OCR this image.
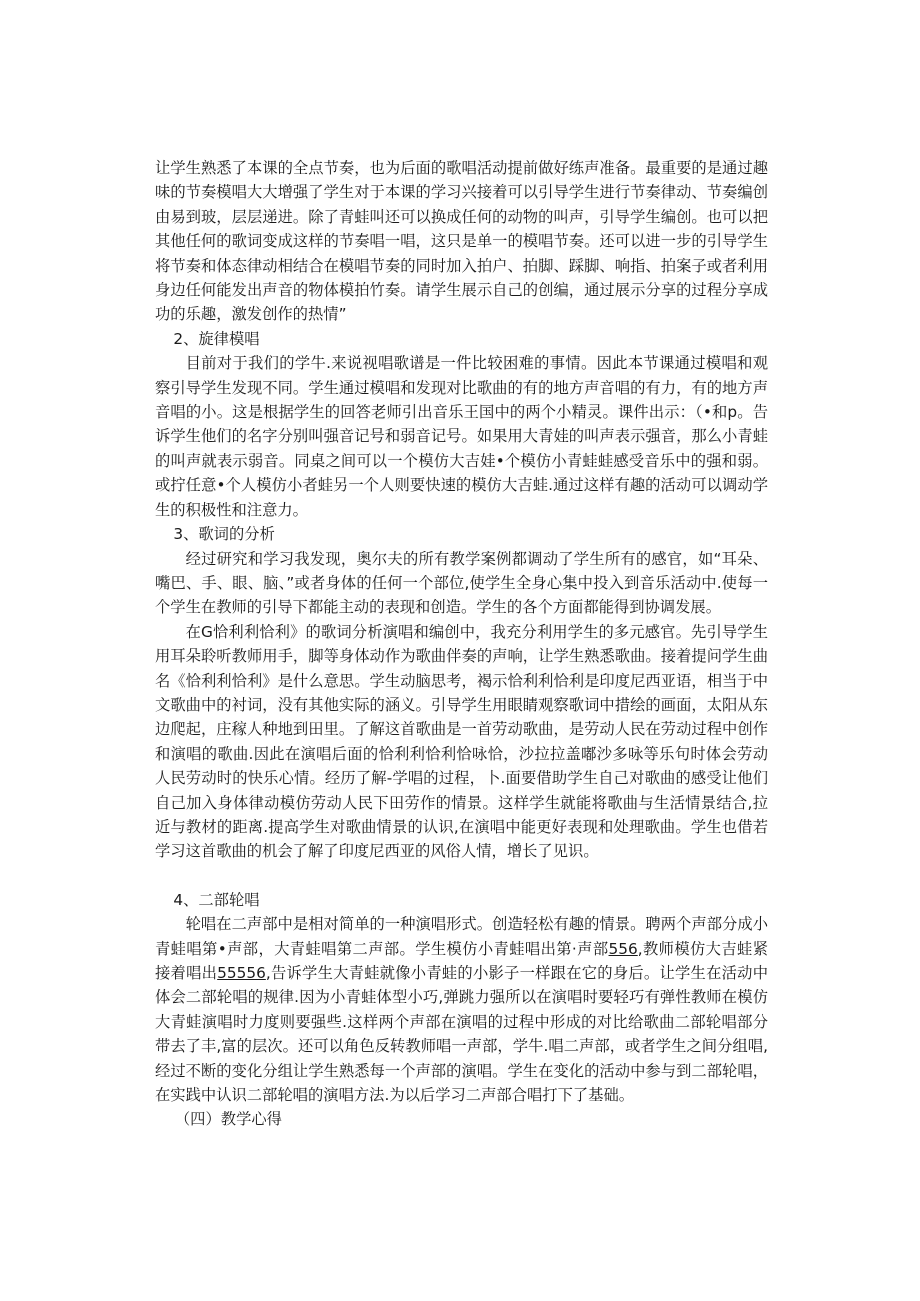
让学生熟悉了本课的全点节奏，也为后面的歌唱活动提前做好练声准备。最重要的是通过趣味的节奏模唱大大增强了学生对于本课的学习兴接着可以引导学生进行节奏律动、节奏编创由易到玻，层层递进。除了青蛙叫还可以换成任何的动物的叫声，引导学生编创。也可以把其他任何的歌词变成这样的节奏唱一唱，这只是单一的模唱节奏。还可以进一步的引导学生将节奏和体态律动相结合在模唱节奏的同时加入拍户、拍脚、踩脚、响指、拍案子或者利用身边任何能发出声音的物体模拍竹奏。请学生展示自己的创编，通过展示分享的过程分享成功的乐趣，激发创作的热情”

2、旋律模唱

目前对于我们的学牛.来说视唱歌谱是一件比较困难的事情。因此本节课通过模唱和观察引导学生发现不同。学生通过模唱和发现对比歌曲的有的地方声音唱的有力，有的地方声音唱的小。这是根据学生的回答老师引出音乐王国中的两个小精灵。课件出示：（•和p。告诉学生他们的名字分别叫强音记号和弱音记号。如果用大青娃的叫声表示强音，那么小青蛙的叫声就表示弱音。同桌之间可以一个模仿大吉娃•个模仿小青蛙蛙感受音乐中的强和弱。或拧任意•个人模仿小者蛙另一个人则要快速的模仿大吉蛙.通过这样有趣的活动可以调动学生的积极性和注意力。

3、歌词的分析

经过研究和学习我发现，奥尔夫的所有教学案例都调动了学生所有的感官，如“耳朵、嘴巴、手、眼、脑、”或者身体的任何一个部位,使学生全身心集中投入到音乐活动中.使每一个学生在教师的引导下都能主动的表现和创造。学生的各个方面都能得到协调发展。

在G恰利利恰利》的歌词分析演唱和编创中，我充分利用学生的多元感官。先引导学生用耳朵聆听教师用手，脚等身体动作为歌曲伴奏的声响，让学生熟悉歌曲。接着提问学生曲名《恰利利恰利》是什么意思。学生动脑思考，褐示恰利利恰利是印度尼西亚语，相当于中文歌曲中的衬词，没有其他实际的涵义。引导学生用眼睛观察歌词中措绘的画面，太阳从东边爬起，庄稼人种地到田里。了解这首歌曲是一首劳动歌曲，是劳动人民在劳动过程中创作和演唱的歌曲.因此在演唱后面的恰利利恰利恰咏恰，沙拉拉盖嘟沙多咏等乐句时体会劳动人民劳动时的快乐心情。经历了解-学唱的过程，卜.面要借助学生自己对歌曲的感受让他们自己加入身体律动模仿劳动人民下田劳作的情景。这样学生就能将歌曲与生活情景结合,拉近与教材的距离.提高学生对歌曲情景的认识,在演唱中能更好表现和处理歌曲。学生也借若学习这首歌曲的机会了解了印度尼西亚的风俗人情，增长了见识。

4、二部轮唱

轮唱在二声部中是相对简单的一种演唱形式。创造轻松有趣的情景。聘两个声部分成小青蛙唱第•声部，大青蛙唱第二声部。学生模仿小青蛙唱出第·声部556,教师模仿大吉蛙紧接着唱出55556,告诉学生大青蛙就像小青蛙的小影子一样跟在它的身后。让学生在活动中体会二部轮唱的规律.因为小青蛙体型小巧,弹跳力强所以在演唱时要轻巧有弹性教师在模仿大青蛙演唱时力度则要强些.这样两个声部在演唱的过程中形成的对比给歌曲二部轮唱部分带去了丰,富的层次。还可以角色反转教师唱一声部，学牛.唱二声部，或者学生之间分组唱,经过不断的变化分组让学生熟悉每一个声部的演唱。学生在变化的活动中参与到二部轮唱，在实践中认识二部轮唱的演唱方法.为以后学习二声部合唱打下了基础。

（四）教学心得
